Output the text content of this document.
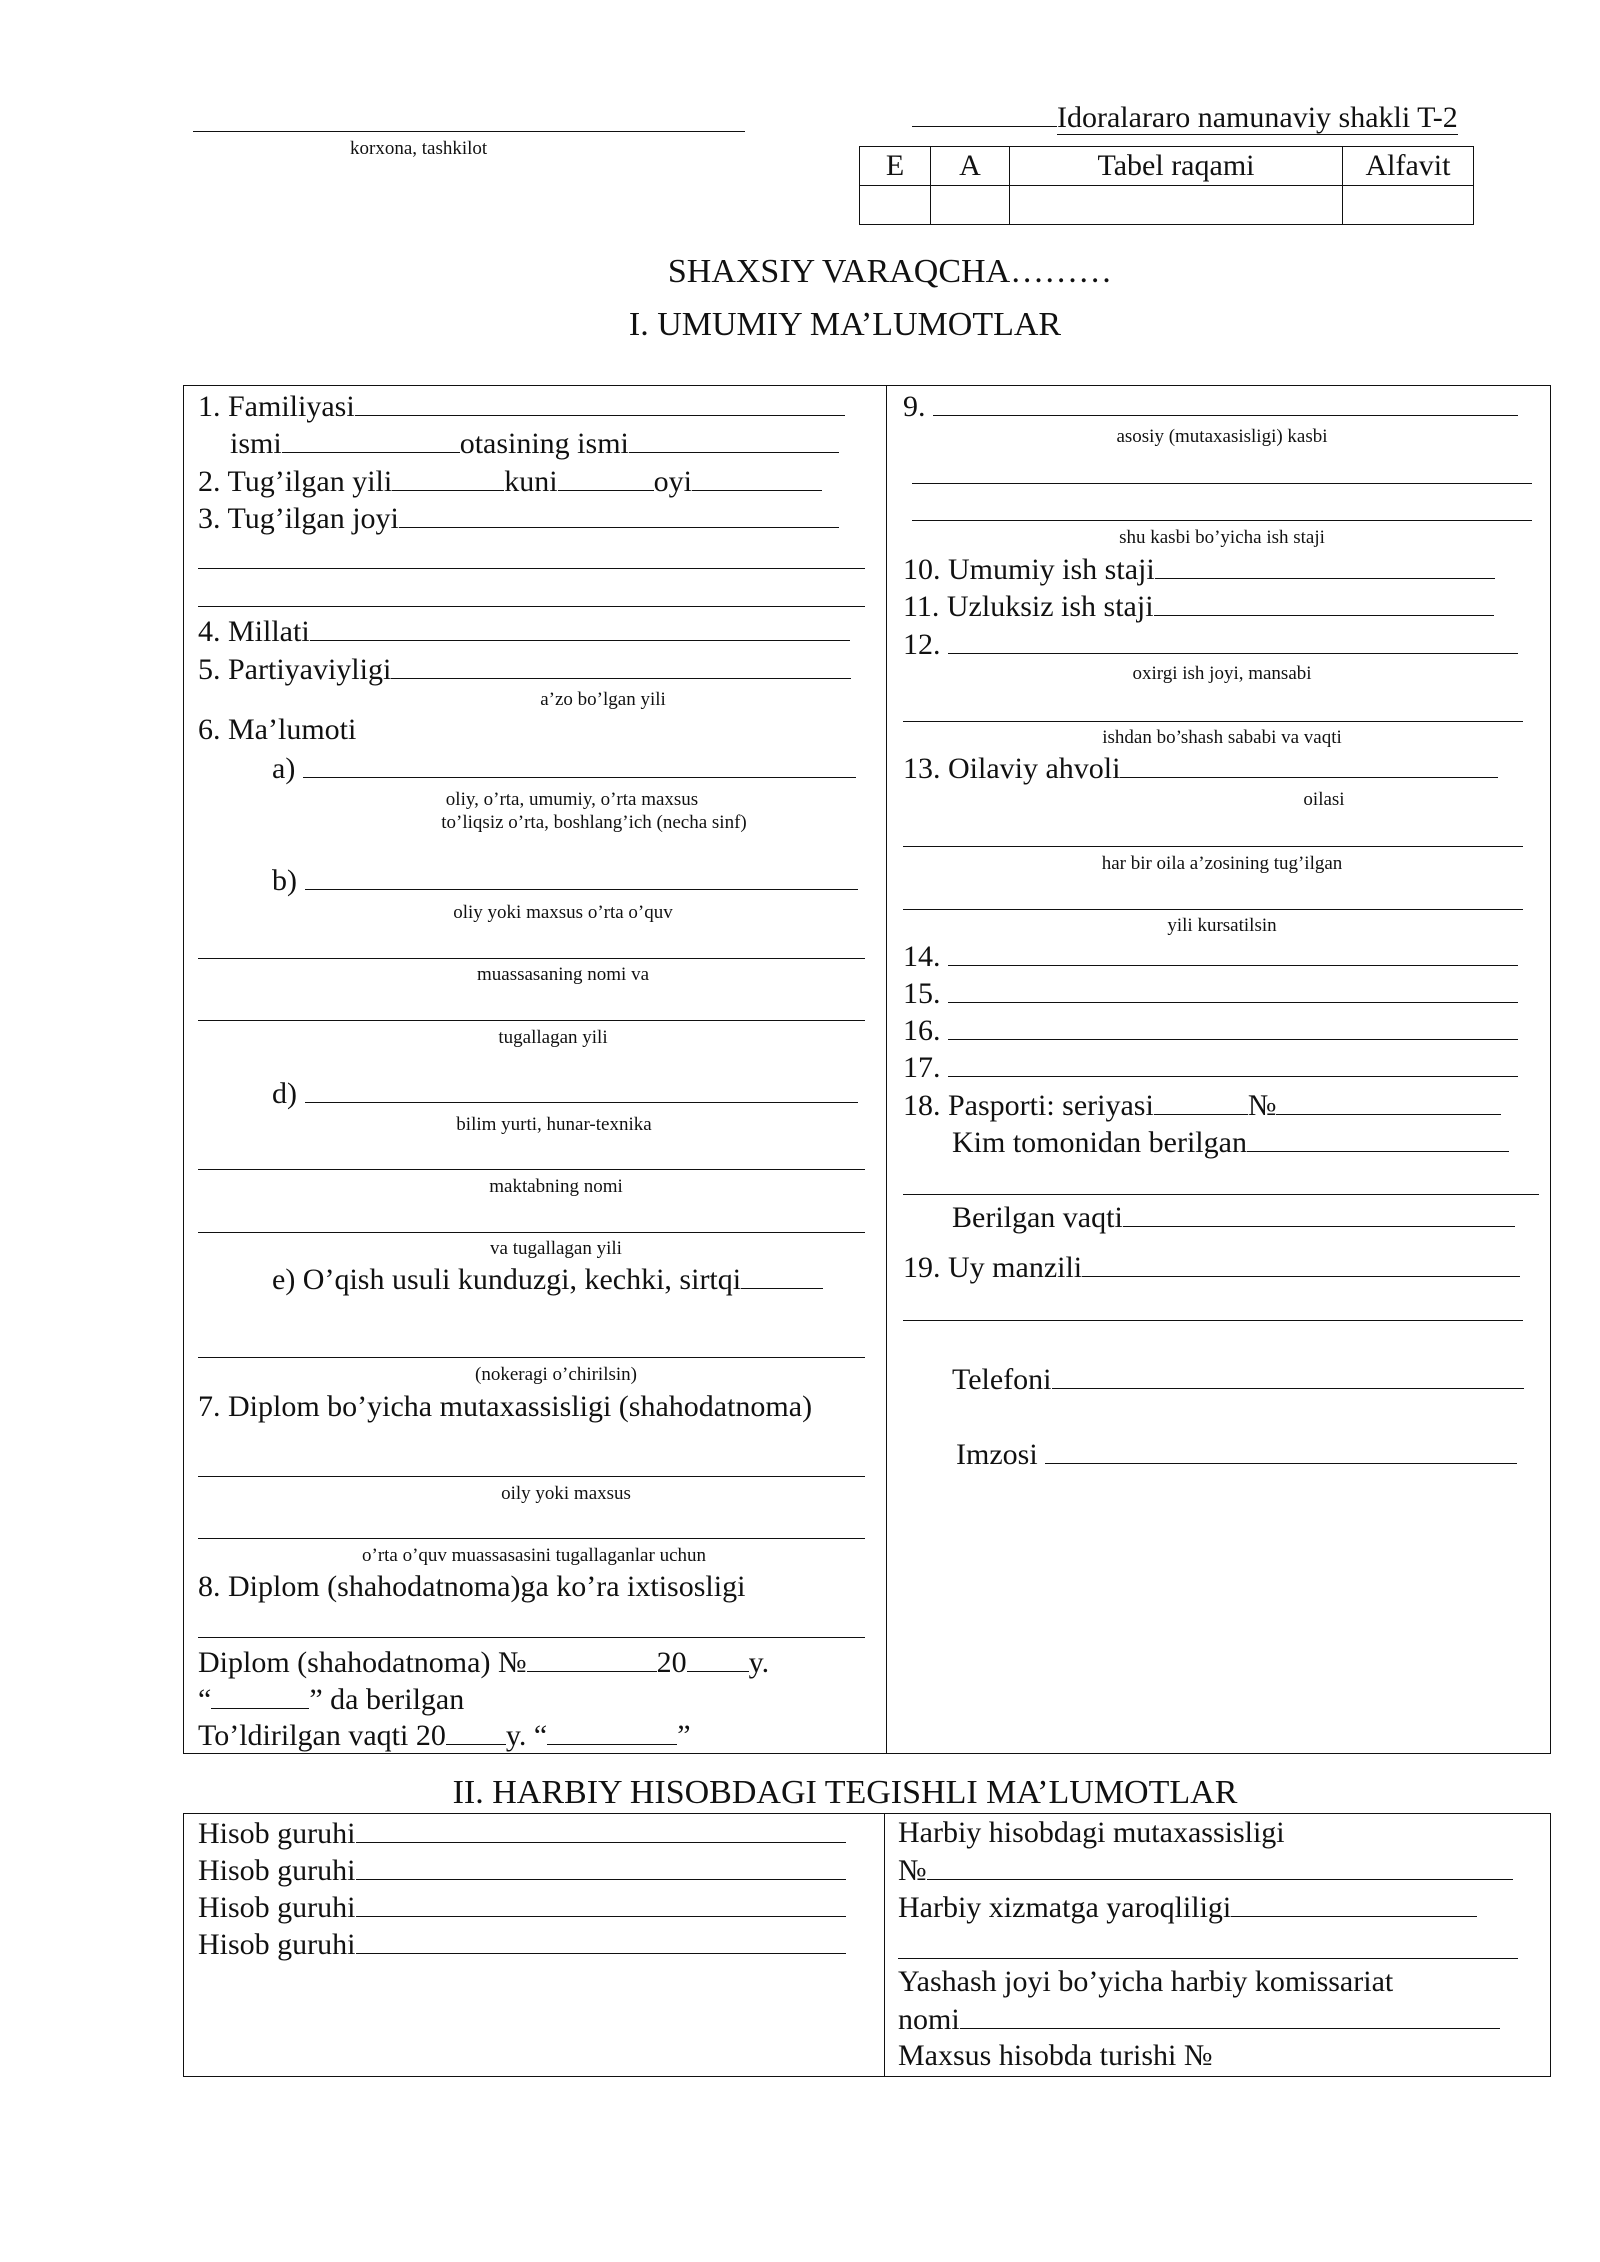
korxona, tashkilot
Idoralararo namunaviy shakli T-2
E	A	Tabel raqami	Alfavit

SHAXSIY VARAQCHA………
I. UMUMIY MA’LUMOTLAR
1. Familiyasi
ismi	otasining ismi
2. Tug’ilgan yili	kuni	oyi
3. Tug’ilgan joyi
4. Millati
5. Partiyaviyligi
a’zo bo’lgan yili
6. Ma’lumoti
a)
oliy, o’rta, umumiy, o’rta maxsus
to’liqsiz o’rta, boshlang’ich (necha sinf)
b)
oliy yoki maxsus o’rta o’quv
muassasaning nomi va
tugallagan yili
d)
bilim yurti, hunar-texnika
maktabning nomi
va tugallagan yili
e) O’qish usuli kunduzgi, kechki, sirtqi
(nokeragi o’chirilsin)
7. Diplom bo’yicha mutaxassisligi (shahodatnoma)
oily yoki maxsus
o’rta o’quv muassasasini tugallaganlar uchun
8. Diplom (shahodatnoma)ga ko’ra ixtisosligi
Diplom (shahodatnoma) №	20 y.
“	” da berilgan
To’ldirilgan vaqti 20 y. “	”
9.
asosiy (mutaxasisligi) kasbi
shu kasbi bo’yicha ish staji
10. Umumiy ish staji
11. Uzluksiz ish staji
12.
oxirgi ish joyi, mansabi
ishdan bo’shash sababi va vaqti
13. Oilaviy ahvoli
oilasi
har bir oila a’zosining tug’ilgan
yili kursatilsin
14.
15.
16.
17.
18. Pasporti: seriyasi	№
Kim tomonidan berilgan
Berilgan vaqti
19. Uy manzili
Telefoni
Imzosi
II. HARBIY HISOBDAGI TEGISHLI MA’LUMOTLAR
Hisob guruhi
Hisob guruhi
Hisob guruhi
Hisob guruhi
Harbiy hisobdagi mutaxassisligi
№
Harbiy xizmatga yaroqliligi
Yashash joyi bo’yicha harbiy komissariat
nomi
Maxsus hisobda turishi №
